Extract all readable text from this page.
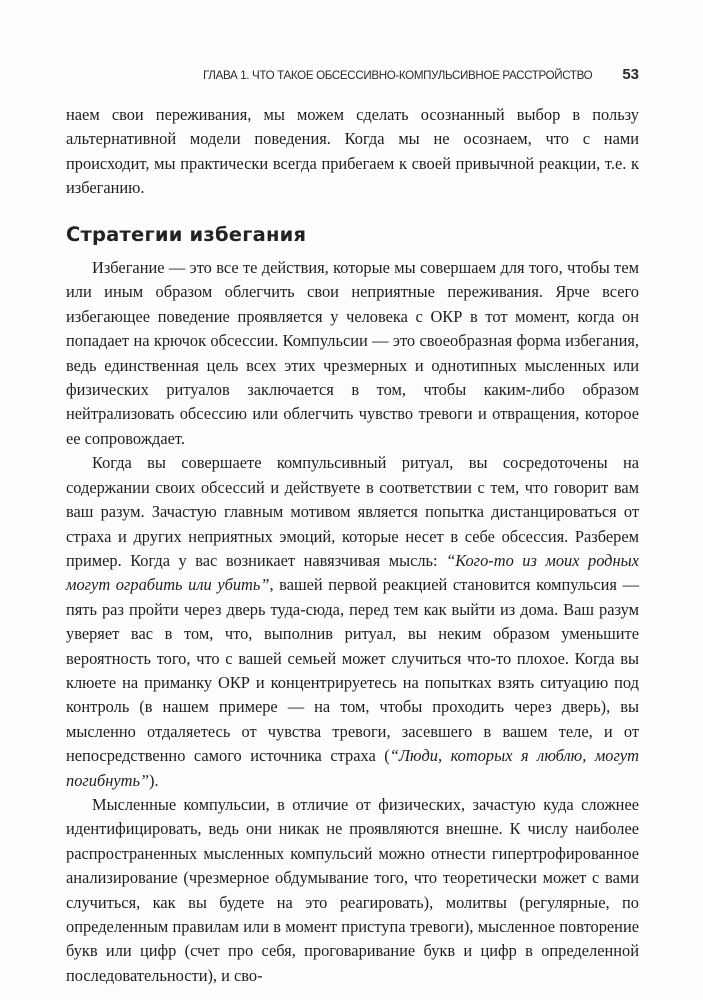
ГЛАВА 1. ЧТО ТАКОЕ ОБСЕССИВНО-КОМПУЛЬСИВНОЕ РАССТРОЙСТВО 53

наем свои переживания, мы можем сделать осознанный выбор в пользу альтернативной модели поведения. Когда мы не осознаем, что с нами происходит, мы практически всегда прибегаем к своей привычной реакции, т.е. к избеганию.

Стратегии избегания

Избегание — это все те действия, которые мы совершаем для того, чтобы тем или иным образом облегчить свои неприятные переживания. Ярче всего избегающее поведение проявляется у человека с ОКР в тот момент, когда он попадает на крючок обсессии. Компульсии — это своеобразная форма избегания, ведь единственная цель всех этих чрезмерных и однотипных мысленных или физических ритуалов заключается в том, чтобы каким-либо образом нейтрализовать обсессию или облегчить чувство тревоги и отвращения, которое ее сопровождает.

Когда вы совершаете компульсивный ритуал, вы сосредоточены на содержании своих обсессий и действуете в соответствии с тем, что говорит вам ваш разум. Зачастую главным мотивом является попытка дистанцироваться от страха и других неприятных эмоций, которые несет в себе обсессия. Разберем пример. Когда у вас возникает навязчивая мысль: “Кого-то из моих родных могут ограбить или убить”, вашей первой реакцией становится компульсия — пять раз пройти через дверь туда-сюда, перед тем как выйти из дома. Ваш разум уверяет вас в том, что, выполнив ритуал, вы неким образом уменьшите вероятность того, что с вашей семьей может случиться что-то плохое. Когда вы клюете на приманку ОКР и концентрируетесь на попытках взять ситуацию под контроль (в нашем примере — на том, чтобы проходить через дверь), вы мысленно отдаляетесь от чувства тревоги, засевшего в вашем теле, и от непосредственно самого источника страха (“Люди, которых я люблю, могут погибнуть”).

Мысленные компульсии, в отличие от физических, зачастую куда сложнее идентифицировать, ведь они никак не проявляются внешне. К числу наиболее распространенных мысленных компульсий можно отнести гипертрофированное анализирование (чрезмерное обдумывание того, что теоретически может с вами случиться, как вы будете на это реагировать), молитвы (регулярные, по определенным правилам или в момент приступа тревоги), мысленное повторение букв или цифр (счет про себя, проговаривание букв и цифр в определенной последовательности), и сво-
